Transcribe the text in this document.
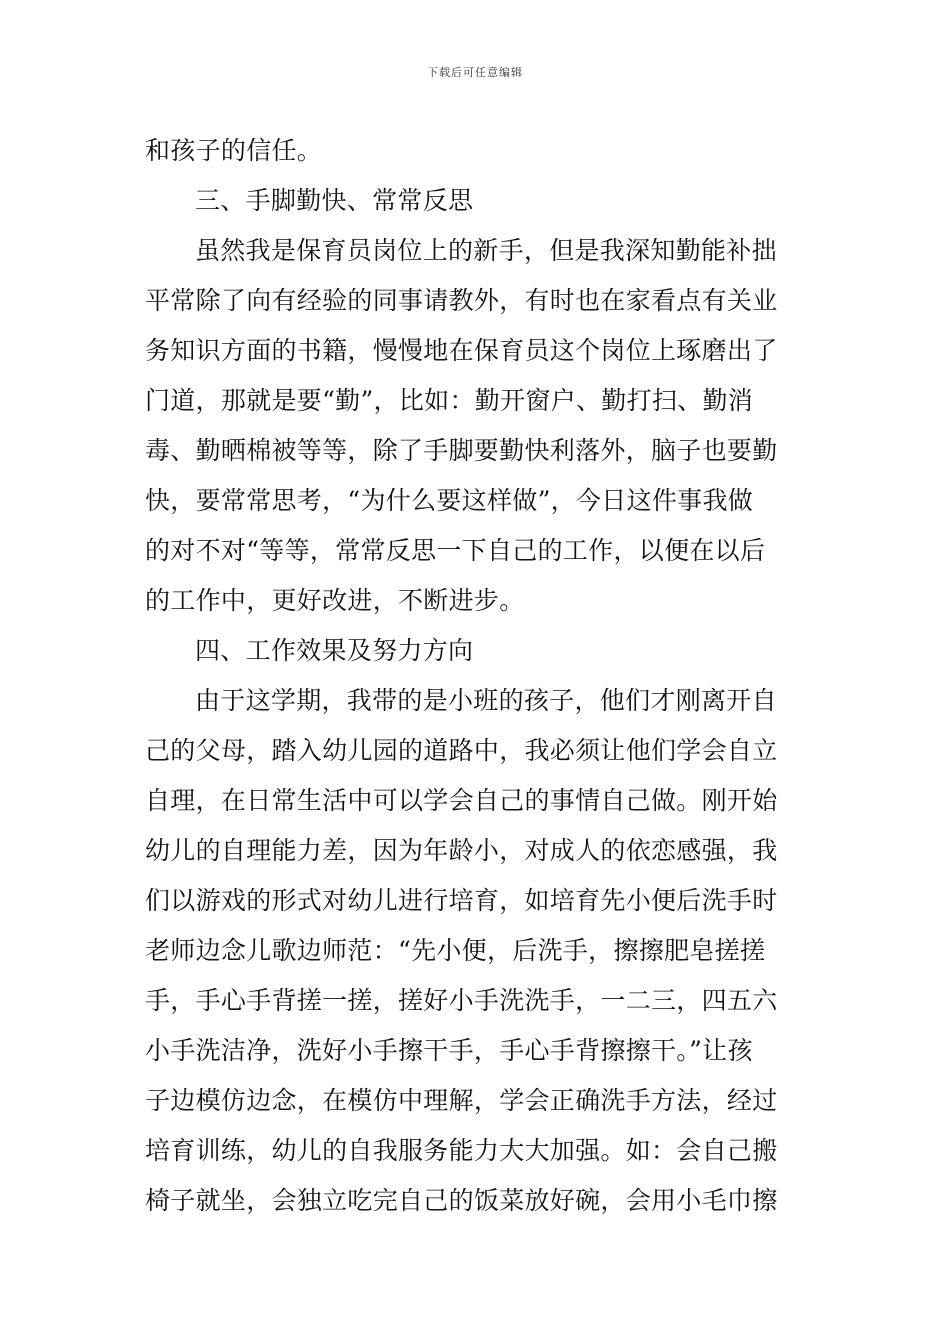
下载后可任意编辑
和孩子的信任。
三、手脚勤快、常常反思
虽然我是保育员岗位上的新手，但是我深知勤能补拙
平常除了向有经验的同事请教外，有时也在家看点有关业
务知识方面的书籍，慢慢地在保育员这个岗位上琢磨出了
门道，那就是要“勤”，比如：勤开窗户、勤打扫、勤消
毒、勤晒棉被等等，除了手脚要勤快利落外，脑子也要勤
快，要常常思考，“为什么要这样做”，今日这件事我做
的对不对“等等，常常反思一下自己的工作，以便在以后
的工作中，更好改进，不断进步。
四、工作效果及努力方向
由于这学期，我带的是小班的孩子，他们才刚离开自
己的父母，踏入幼儿园的道路中，我必须让他们学会自立
自理，在日常生活中可以学会自己的事情自己做。刚开始
幼儿的自理能力差，因为年龄小，对成人的依恋感强，我
们以游戏的形式对幼儿进行培育，如培育先小便后洗手时
老师边念儿歌边师范：“先小便，后洗手，擦擦肥皂搓搓
手，手心手背搓一搓，搓好小手洗洗手，一二三，四五六
小手洗洁净，洗好小手擦干手，手心手背擦擦干。”让孩
子边模仿边念，在模仿中理解，学会正确洗手方法，经过
培育训练，幼儿的自我服务能力大大加强。如：会自己搬
椅子就坐，会独立吃完自己的饭菜放好碗，会用小毛巾擦
